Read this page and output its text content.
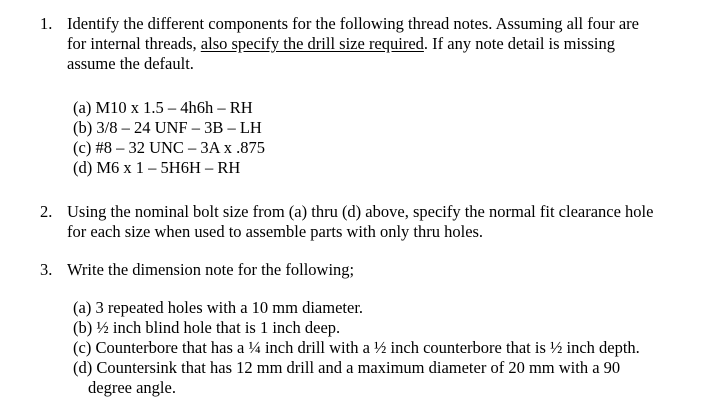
1. Identify the different components for the following thread notes. Assuming all four are
for internal threads, also specify the drill size required. If any note detail is missing
assume the default.
(a) M10 x 1.5 – 4h6h – RH
(b) 3/8 – 24 UNF – 3B – LH
(c) #8 – 32 UNC – 3A x .875
(d) M6 x 1 – 5H6H – RH
2. Using the nominal bolt size from (a) thru (d) above, specify the normal fit clearance hole
for each size when used to assemble parts with only thru holes.
3. Write the dimension note for the following;
(a) 3 repeated holes with a 10 mm diameter.
(b) ½ inch blind hole that is 1 inch deep.
(c) Counterbore that has a ¼ inch drill with a ½ inch counterbore that is ½ inch depth.
(d) Countersink that has 12 mm drill and a maximum diameter of 20 mm with a 90
degree angle.
